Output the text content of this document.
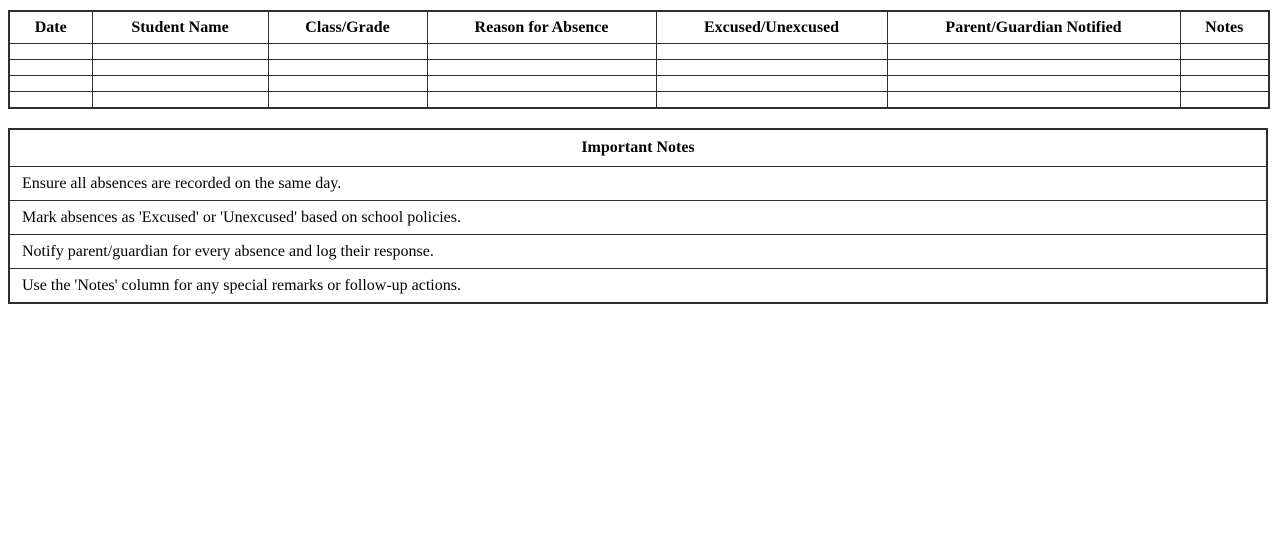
Date	Student Name	Class/Grade	Reason for Absence	Excused/Unexcused	Parent/Guardian Notified	Notes

Important Notes
Ensure all absences are recorded on the same day.
Mark absences as 'Excused' or 'Unexcused' based on school policies.
Notify parent/guardian for every absence and log their response.
Use the 'Notes' column for any special remarks or follow-up actions.
